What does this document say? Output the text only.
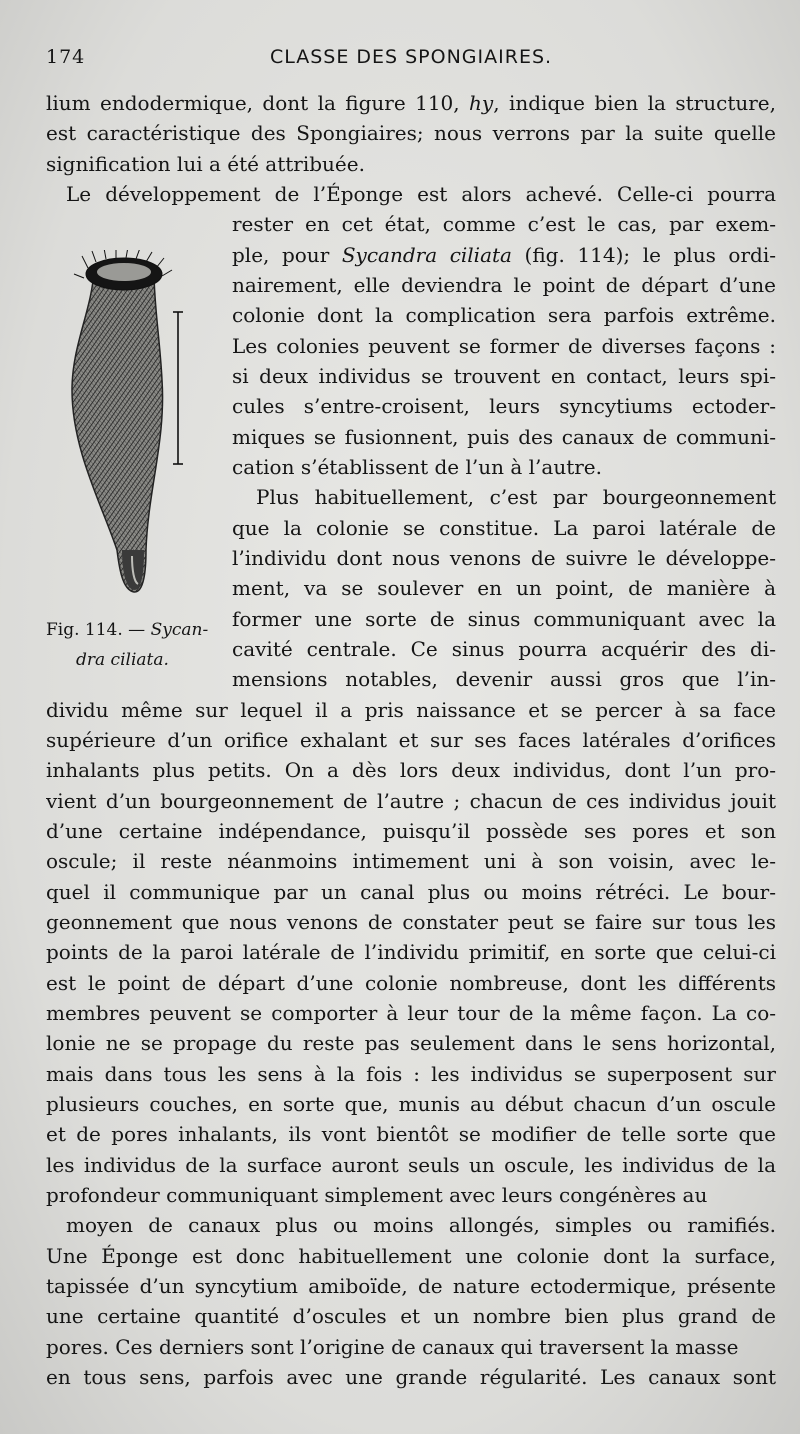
174	CLASSE DES SPONGIAIRES.
lium endodermique, dont la figure 110, hy, indique bien la structure,
est caractéristique des Spongiaires; nous verrons par la suite quelle
signification lui a été attribuée.
Le développement de l’Éponge est alors achevé. Celle-ci pourra
rester en cet état, comme c’est le cas, par exem-
ple, pour Sycandra ciliata (fig. 114); le plus ordi-
nairement, elle deviendra le point de départ d’une
colonie dont la complication sera parfois extrême.
Les colonies peuvent se former de diverses façons :
si deux individus se trouvent en contact, leurs spi-
cules s’entre-croisent, leurs syncytiums ectoder-
miques se fusionnent, puis des canaux de communi-
cation s’établissent de l’un à l’autre.
Plus habituellement, c’est par bourgeonnement
que la colonie se constitue. La paroi latérale de
l’individu dont nous venons de suivre le développe-
ment, va se soulever en un point, de manière à
former une sorte de sinus communiquant avec la
cavité centrale. Ce sinus pourra acquérir des di-
mensions notables, devenir aussi gros que l’in-
dividu même sur lequel il a pris naissance et se percer à sa face
supérieure d’un orifice exhalant et sur ses faces latérales d’orifices
inhalants plus petits. On a dès lors deux individus, dont l’un pro-
vient d’un bourgeonnement de l’autre ; chacun de ces individus jouit
d’une certaine indépendance, puisqu’il possède ses pores et son
oscule; il reste néanmoins intimement uni à son voisin, avec le-
quel il communique par un canal plus ou moins rétréci. Le bour-
geonnement que nous venons de constater peut se faire sur tous les
points de la paroi latérale de l’individu primitif, en sorte que celui-ci
est le point de départ d’une colonie nombreuse, dont les différents
membres peuvent se comporter à leur tour de la même façon. La co-
lonie ne se propage du reste pas seulement dans le sens horizontal,
mais dans tous les sens à la fois : les individus se superposent sur
plusieurs couches, en sorte que, munis au début chacun d’un oscule
et de pores inhalants, ils vont bientôt se modifier de telle sorte que
les individus de la surface auront seuls un oscule, les individus de la
profondeur communiquant simplement avec leurs congénères au
moyen de canaux plus ou moins allongés, simples ou ramifiés.
Une Éponge est donc habituellement une colonie dont la surface,
tapissée d’un syncytium amiboïde, de nature ectodermique, présente
une certaine quantité d’oscules et un nombre bien plus grand de
pores. Ces derniers sont l’origine de canaux qui traversent la masse
en tous sens, parfois avec une grande régularité. Les canaux sont
Fig. 114. — Sycan-
dra ciliata.
